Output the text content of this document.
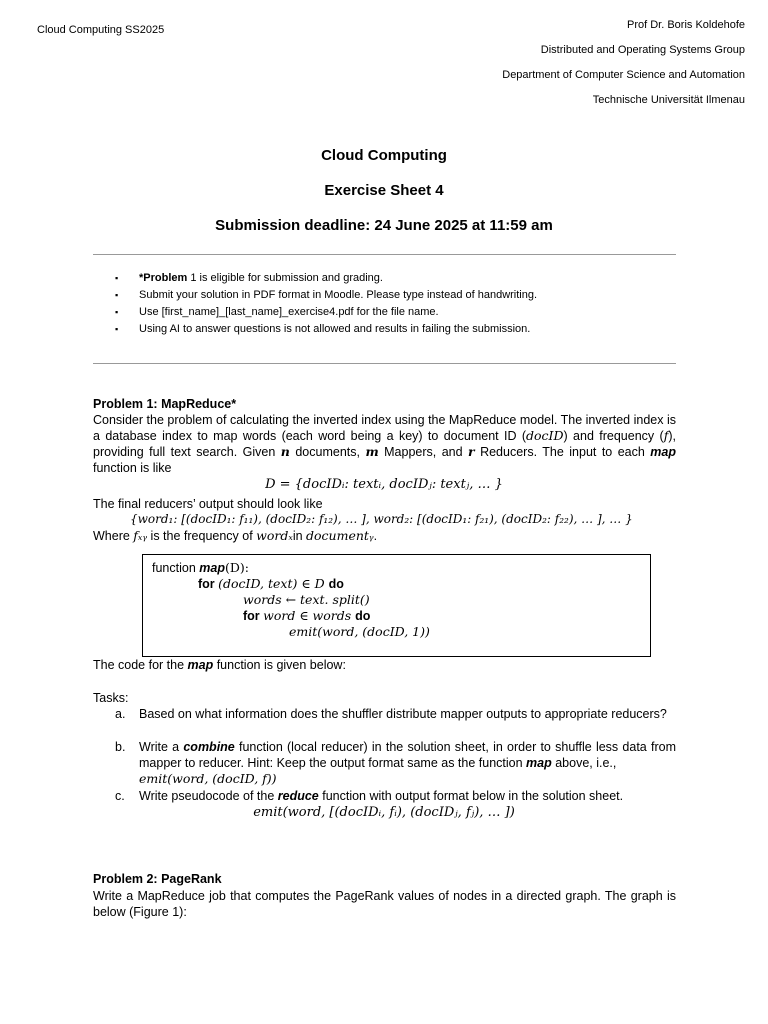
Cloud Computing SS2025	Prof Dr. Boris Koldehofe
Distributed and Operating Systems Group
Department of Computer Science and Automation
Technische Universität Ilmenau
Cloud Computing
Exercise Sheet 4
Submission deadline: 24 June 2025 at 11:59 am
▪ *Problem 1 is eligible for submission and grading.
▪ Submit your solution in PDF format in Moodle. Please type instead of handwriting.
▪ Use [first_name]_[last_name]_exercise4.pdf for the file name.
▪ Using AI to answer questions is not allowed and results in failing the submission.
Problem 1: MapReduce*
Consider the problem of calculating the inverted index using the MapReduce model. The inverted index is a database index to map words (each word being a key) to document ID (docID) and frequency (f), providing full text search. Given n documents, m Mappers, and r Reducers. The input to each map function is like
D = {docIDᵢ: textᵢ, docIDⱼ: textⱼ, … }
The final reducers’ output should look like
{word₁: [(docID₁: f₁₁), (docID₂: f₁₂), … ], word₂: [(docID₁: f₂₁), (docID₂: f₂₂), … ], … }
Where fₓᵧ is the frequency of wordₓin documentᵧ.
function map(D):
for (docID, text) ∈ D do
words ← text. split()
for word ∈ words do
emit(word, (docID, 1))
The code for the map function is given below:
Tasks:
a. Based on what information does the shuffler distribute mapper outputs to appropriate reducers?
b. Write a combine function (local reducer) in the solution sheet, in order to shuffle less data from mapper to reducer. Hint: Keep the output format same as the function map above, i.e.,
emit(word, (docID, f))
c. Write pseudocode of the reduce function with output format below in the solution sheet.
emit(word, [(docIDᵢ, fᵢ), (docIDⱼ, fⱼ), … ])
Problem 2: PageRank
Write a MapReduce job that computes the PageRank values of nodes in a directed graph. The graph is below (Figure 1):
